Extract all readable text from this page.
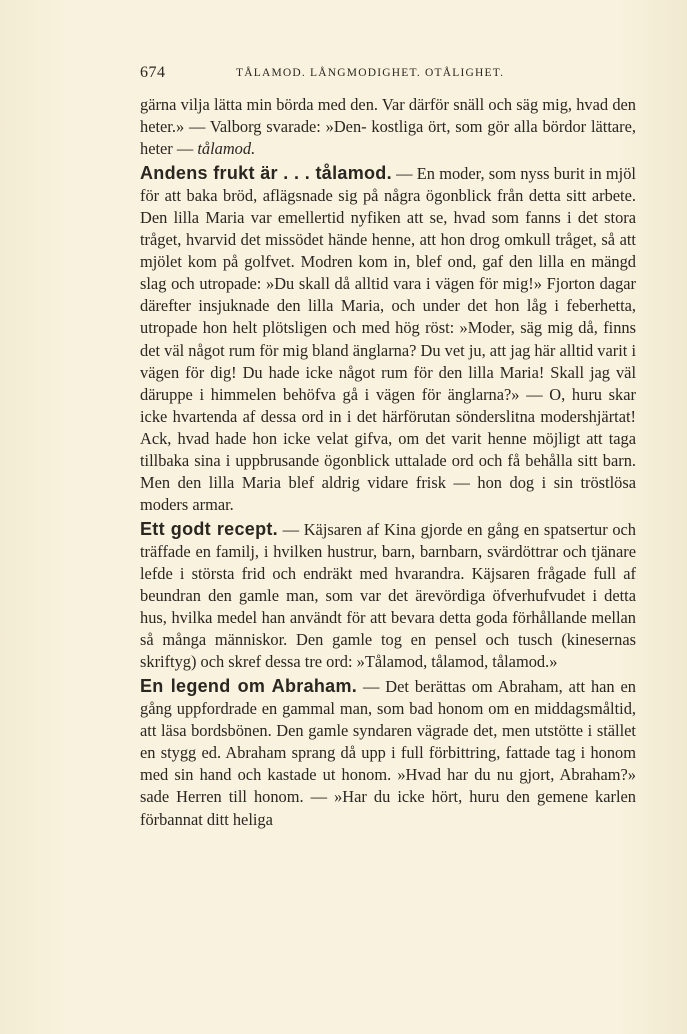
674	TÅLAMOD. LÅNGMODIGHET. OTÅLIGHET.

gärna vilja lätta min börda med den. Var därför snäll och säg mig, hvad den heter.» — Valborg svarade: »Den- kostliga ört, som gör alla bördor lättare, heter — tålamod.

Andens frukt är . . . tålamod. — En moder, som nyss burit in mjöl för att baka bröd, aflägsnade sig på några ögonblick från detta sitt arbete. Den lilla Maria var emellertid nyfiken att se, hvad som fanns i det stora tråget, hvarvid det missödet hände henne, att hon drog omkull tråget, så att mjölet kom på golfvet. Modren kom in, blef ond, gaf den lilla en mängd slag och utropade: »Du skall då alltid vara i vägen för mig!» Fjorton dagar därefter insjuknade den lilla Maria, och under det hon låg i feberhetta, utropade hon helt plötsligen och med hög röst: »Moder, säg mig då, finns det väl något rum för mig bland änglarna? Du vet ju, att jag här alltid varit i vägen för dig! Du hade icke något rum för den lilla Maria! Skall jag väl däruppe i himmelen behöfva gå i vägen för änglarna?» — O, huru skar icke hvartenda af dessa ord in i det härförutan sönderslitna modershjärtat! Ack, hvad hade hon icke velat gifva, om det varit henne möjligt att taga tillbaka sina i uppbrusande ögonblick uttalade ord och få behålla sitt barn. Men den lilla Maria blef aldrig vidare frisk — hon dog i sin tröstlösa moders armar.

Ett godt recept. — Käjsaren af Kina gjorde en gång en spatsertur och träffade en familj, i hvilken hustrur, barn, barnbarn, svärdöttrar och tjänare lefde i största frid och endräkt med hvarandra. Käjsaren frågade full af beundran den gamle man, som var det ärevördiga öfverhufvudet i detta hus, hvilka medel han användt för att bevara detta goda förhållande mellan så många människor. Den gamle tog en pensel och tusch (kinesernas skriftyg) och skref dessa tre ord: »Tålamod, tålamod, tålamod.»

En legend om Abraham. — Det berättas om Abraham, att han en gång uppfordrade en gammal man, som bad honom om en middagsmåltid, att läsa bordsbönen. Den gamle syndaren vägrade det, men utstötte i stället en stygg ed. Abraham sprang då upp i full förbittring, fattade tag i honom med sin hand och kastade ut honom. »Hvad har du nu gjort, Abraham?» sade Herren till honom. — »Har du icke hört, huru den gemene karlen förbannat ditt heliga
